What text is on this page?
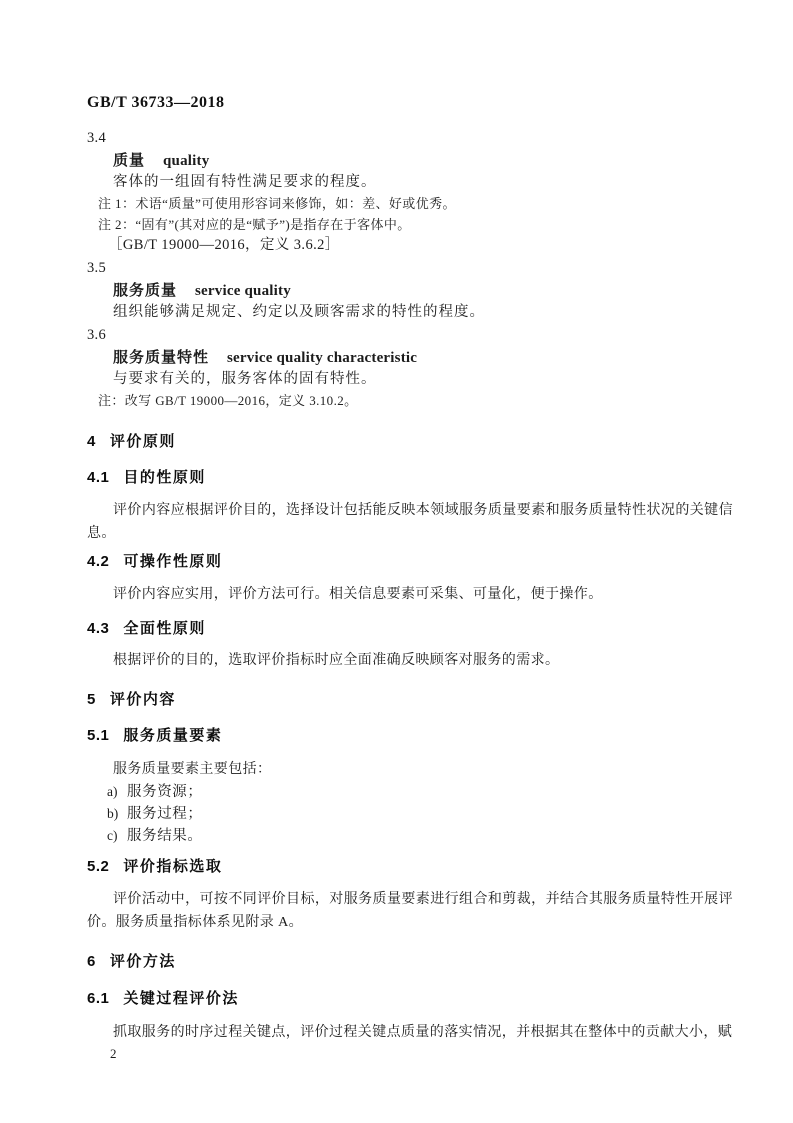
GB/T 36733—2018
3.4
质量 quality
客体的一组固有特性满足要求的程度。
注 1：术语“质量”可使用形容词来修饰，如：差、好或优秀。
注 2：“固有”(其对应的是“赋予”)是指存在于客体中。
［GB/T 19000—2016，定义 3.6.2］
3.5
服务质量 service quality
组织能够满足规定、约定以及顾客需求的特性的程度。
3.6
服务质量特性 service quality characteristic
与要求有关的，服务客体的固有特性。
注：改写 GB/T 19000—2016，定义 3.10.2。
4 评价原则
4.1 目的性原则

评价内容应根据评价目的，选择设计包括能反映本领域服务质量要素和服务质量特性状况的关键信息。

4.2 可操作性原则

评价内容应实用，评价方法可行。相关信息要素可采集、可量化，便于操作。

4.3 全面性原则

根据评价的目的，选取评价指标时应全面准确反映顾客对服务的需求。

5 评价内容
5.1 服务质量要素

服务质量要素主要包括：

a) 服务资源；
b) 服务过程；
c) 服务结果。
5.2 评价指标选取

评价活动中，可按不同评价目标，对服务质量要素进行组合和剪裁，并结合其服务质量特性开展评价。服务质量指标体系见附录 A。

6 评价方法
6.1 关键过程评价法

抓取服务的时序过程关键点，评价过程关键点质量的落实情况，并根据其在整体中的贡献大小，赋

2
